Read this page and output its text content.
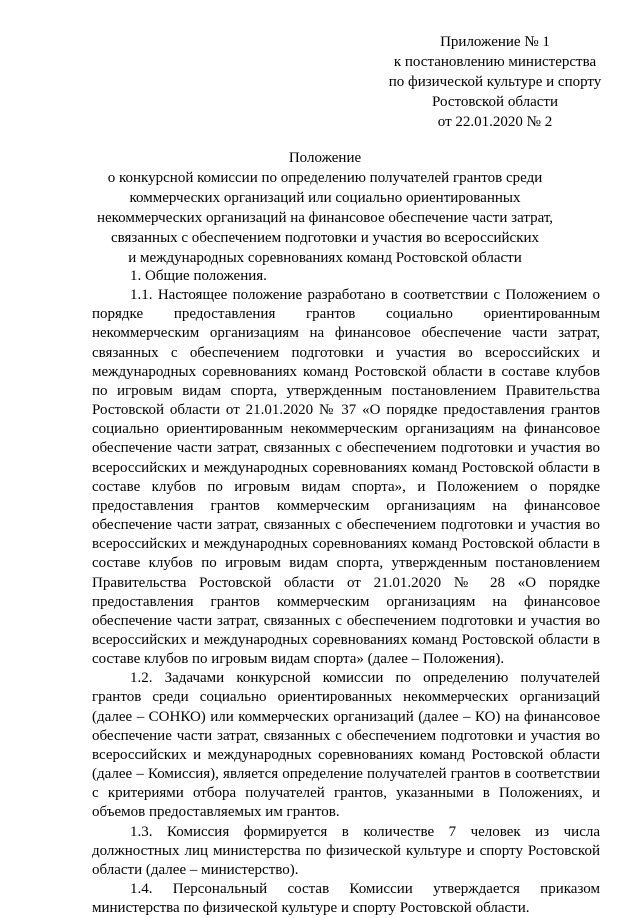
Приложение № 1
к постановлению министерства
по физической культуре и спорту
Ростовской области
от 22.01.2020 № 2
Положение
о конкурсной комиссии по определению получателей грантов среди
коммерческих организаций или социально ориентированных
некоммерческих организаций на финансовое обеспечение части затрат,
связанных с обеспечением подготовки и участия во всероссийских
и международных соревнованиях команд Ростовской области

1. Общие положения.

1.1. Настоящее положение разработано в соответствии с Положением о порядке предоставления грантов социально ориентированным некоммерческим организациям на финансовое обеспечение части затрат, связанных с обеспечением подготовки и участия во всероссийских и международных соревнованиях команд Ростовской области в составе клубов по игровым видам спорта, утвержденным постановлением Правительства Ростовской области от 21.01.2020 № 37 «О порядке предоставления грантов социально ориентированным некоммерческим организациям на финансовое обеспечение части затрат, связанных с обеспечением подготовки и участия во всероссийских и международных соревнованиях команд Ростовской области в составе клубов по игровым видам спорта», и Положением о порядке предоставления грантов коммерческим организациям на финансовое обеспечение части затрат, связанных с обеспечением подготовки и участия во всероссийских и международных соревнованиях команд Ростовской области в составе клубов по игровым видам спорта, утвержденным постановлением Правительства Ростовской области от 21.01.2020 № 28 «О порядке предоставления грантов коммерческим организациям на финансовое обеспечение части затрат, связанных с обеспечением подготовки и участия во всероссийских и международных соревнованиях команд Ростовской области в составе клубов по игровым видам спорта» (далее – Положения).

1.2. Задачами конкурсной комиссии по определению получателей грантов среди социально ориентированных некоммерческих организаций (далее – СОНКО) или коммерческих организаций (далее – КО) на финансовое обеспечение части затрат, связанных с обеспечением подготовки и участия во всероссийских и международных соревнованиях команд Ростовской области (далее – Комиссия), является определение получателей грантов в соответствии с критериями отбора получателей грантов, указанными в Положениях, и объемов предоставляемых им грантов.

1.3. Комиссия формируется в количестве 7 человек из числа должностных лиц министерства по физической культуре и спорту Ростовской области (далее – министерство).

1.4. Персональный состав Комиссии утверждается приказом министерства по физической культуре и спорту Ростовской области.
